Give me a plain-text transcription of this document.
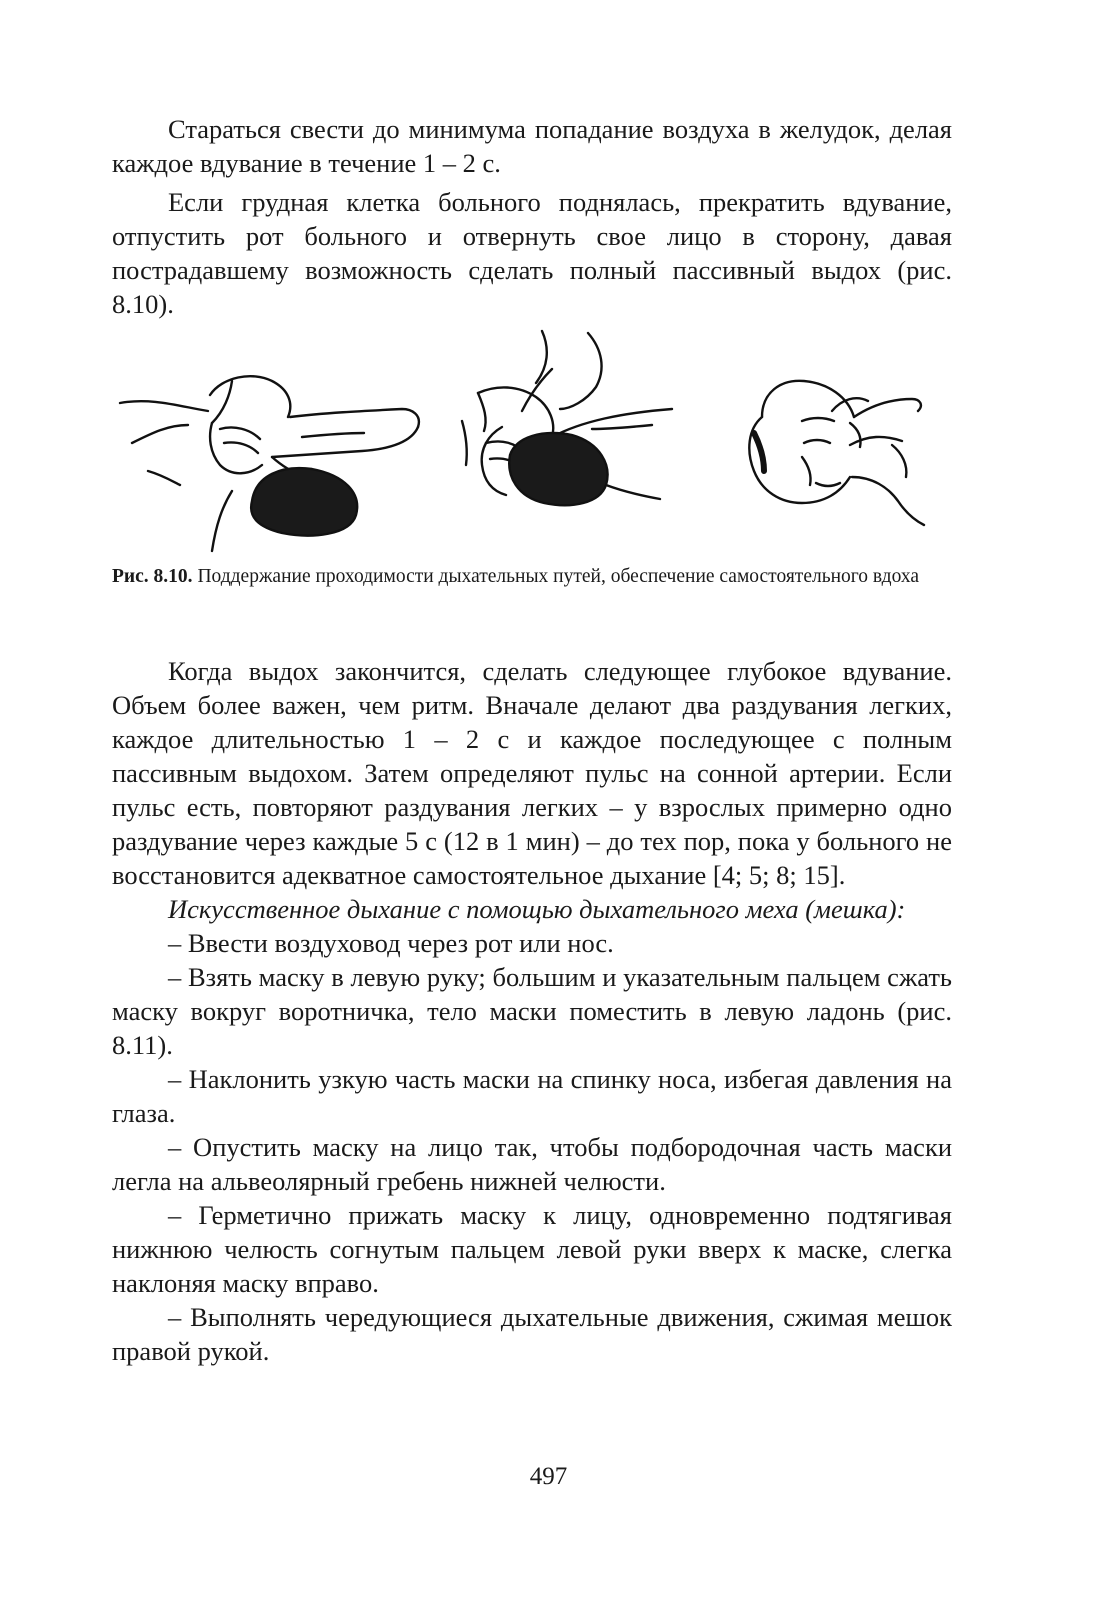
Стараться свести до минимума попадание воздуха в желудок, делая каждое вдувание в течение 1 – 2 с.

Если грудная клетка больного поднялась, прекратить вдувание, отпустить рот больного и отвернуть свое лицо в сторону, давая пострадавшему возможность сделать полный пассивный выдох (рис. 8.10).

Рис. 8.10. Поддержание проходимости дыхательных путей, обеспечение самостоятельного вдоха

Когда выдох закончится, сделать следующее глубокое вдувание. Объем более важен, чем ритм. Вначале делают два раздувания легких, каждое длительностью 1 – 2 с и каждое последующее с полным пассивным выдохом. Затем определяют пульс на сонной артерии. Если пульс есть, повторяют раздувания легких – у взрослых примерно одно раздувание через каждые 5 с (12 в 1 мин) – до тех пор, пока у больного не восстановится адекватное самостоятельное дыхание [4; 5; 8; 15].

Искусственное дыхание с помощью дыхательного меха (мешка):

– Ввести воздуховод через рот или нос.

– Взять маску в левую руку; большим и указательным пальцем сжать маску вокруг воротничка, тело маски поместить в левую ладонь (рис. 8.11).

– Наклонить узкую часть маски на спинку носа, избегая давления на глаза.

– Опустить маску на лицо так, чтобы подбородочная часть маски легла на альвеолярный гребень нижней челюсти.

– Герметично прижать маску к лицу, одновременно подтягивая нижнюю челюсть согнутым пальцем левой руки вверх к маске, слегка наклоняя маску вправо.

– Выполнять чередующиеся дыхательные движения, сжимая мешок правой рукой.

497
